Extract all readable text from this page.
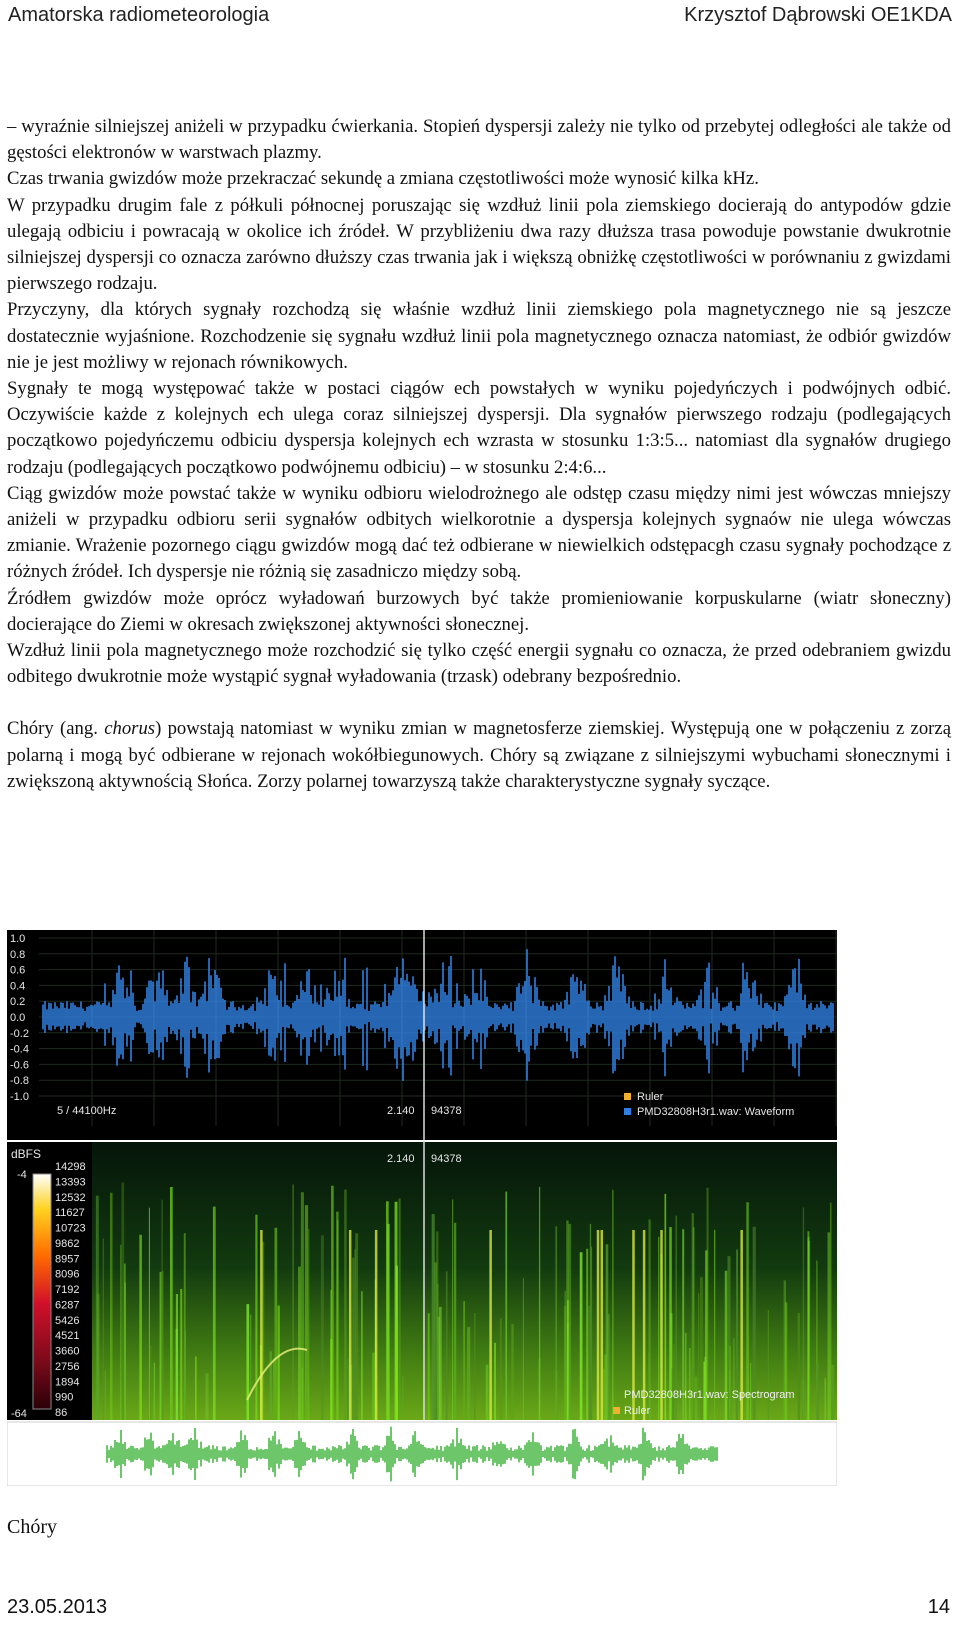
Amatorska radiometeorologia	Krzysztof Dąbrowski OE1KDA

– wyraźnie silniejszej aniżeli w przypadku ćwierkania. Stopień dyspersji zależy nie tylko od przebytej odległości ale także od gęstości elektronów w warstwach plazmy.

Czas trwania gwizdów może przekraczać sekundę a zmiana częstotliwości może wynosić kilka kHz.

W przypadku drugim fale z półkuli północnej poruszając się wzdłuż linii pola ziemskiego docierają do antypodów gdzie ulegają odbiciu i powracają w okolice ich źródeł. W przybliżeniu dwa razy dłuższa trasa powoduje powstanie dwukrotnie silniejszej dyspersji co oznacza zarówno dłuższy czas trwania jak i większą obniżkę częstotliwości w porównaniu z gwizdami pierwszego rodzaju.

Przyczyny, dla których sygnały rozchodzą się właśnie wzdłuż linii ziemskiego pola magnetycznego nie są jeszcze dostatecznie wyjaśnione. Rozchodzenie się sygnału wzdłuż linii pola magnetycznego oznacza natomiast, że odbiór gwizdów nie je jest możliwy w rejonach równikowych.

Sygnały te mogą występować także w postaci ciągów ech powstałych w wyniku pojedyńczych i podwójnych odbić. Oczywiście każde z kolejnych ech ulega coraz silniejszej dyspersji. Dla sygnałów pierwszego rodzaju (podlegających początkowo pojedyńczemu odbiciu dyspersja kolejnych ech wzrasta w stosunku 1:3:5... natomiast dla sygnałów drugiego rodzaju (podlegających początkowo podwójnemu odbiciu) – w stosunku 2:4:6...

Ciąg gwizdów może powstać także w wyniku odbioru wielodrożnego ale odstęp czasu między nimi jest wówczas mniejszy aniżeli w przypadku odbioru serii sygnałów odbitych wielkorotnie a dyspersja kolejnych sygnaów nie ulega wówczas zmianie. Wrażenie pozornego ciągu gwizdów mogą dać też odbierane w niewielkich odstępacgh czasu sygnały pochodzące z różnych źródeł. Ich dyspersje nie różnią się zasadniczo między sobą.

Źródłem gwizdów może oprócz wyładowań burzowych być także promieniowanie korpuskularne (wiatr słoneczny) docierające do Ziemi w okresach zwiększonej aktywności słonecznej.

Wzdłuż linii pola magnetycznego może rozchodzić się tylko część energii sygnału co oznacza, że przed odebraniem gwizdu odbitego dwukrotnie może wystąpić sygnał wyładowania (trzask) odebrany bezpośrednio.

Chóry (ang. chorus) powstają natomiast w wyniku zmian w magnetosferze ziemskiej. Występują one w połączeniu z zorzą polarną i mogą być odbierane w rejonach wokółbiegunowych. Chóry są związane z silniejszymi wybuchami słonecznymi i zwiększoną aktywnością Słońca. Zorzy polarnej towarzyszą także charakterystyczne sygnały syczące.

1.0
0.8
0.6
0.4
0.2
0.0
-0.2
-0.4
-0.6
-0.8
-1.0
5 / 44100Hz	2.140 94378
Ruler
PMD32808H3r1.wav: Waveform
dBFS
-4
-64
14298
13393
12532
11627
10723
9862
8957
8096
7192
6287
5426
4521
3660
2756
1894
990
86
2.140 94378
PMD32808H3r1.wav: Spectrogram
Ruler
Chóry
23.05.2013	14
